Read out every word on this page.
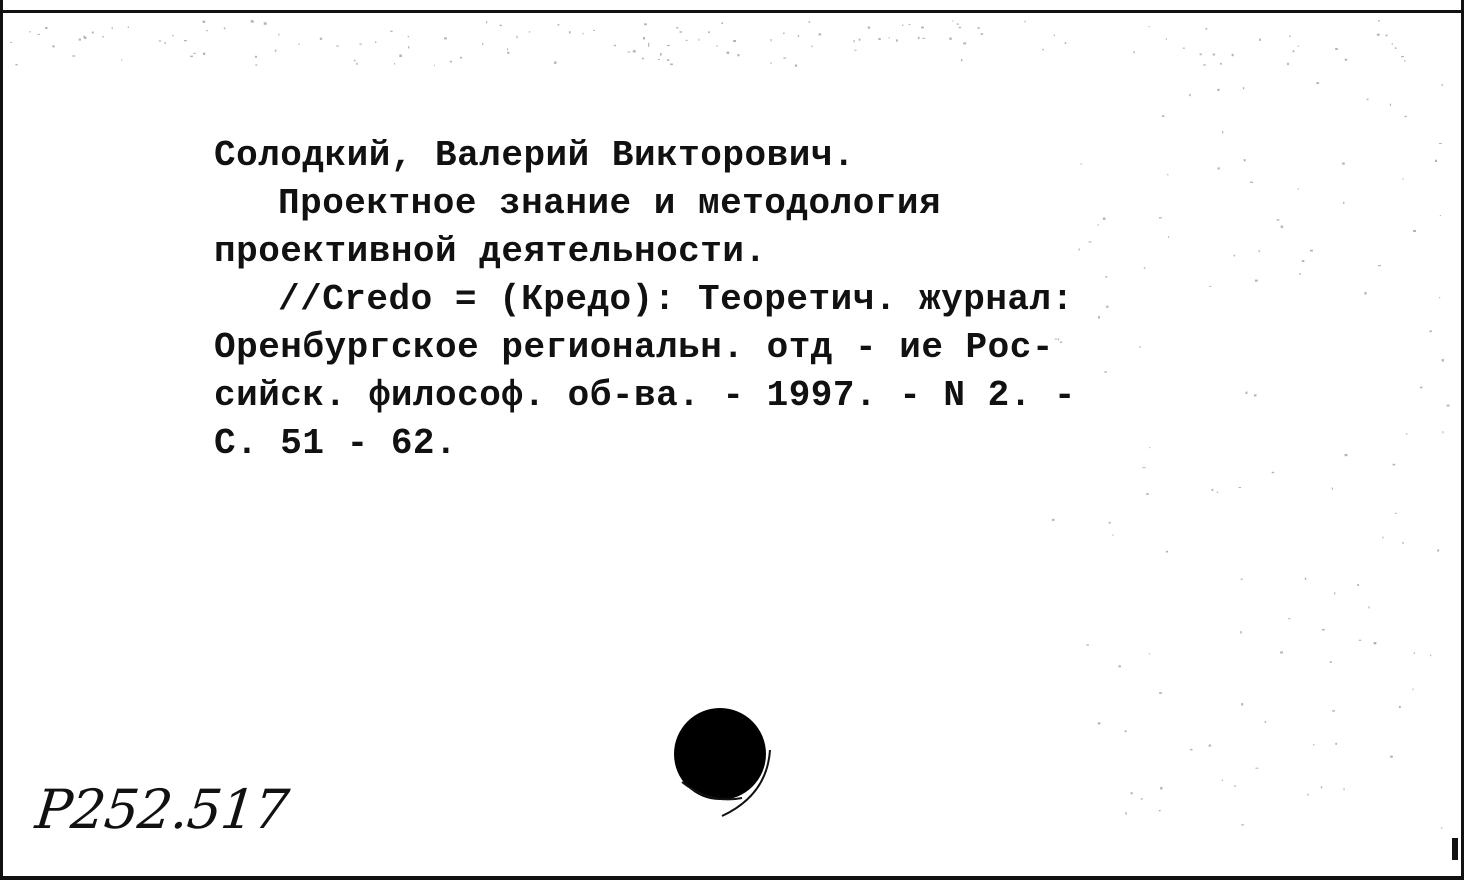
Солодкий, Валерий Викторович.
Проектное знание и методология
проективной деятельности.
//Credo = (Кредо): Теоретич. журнал:
Оренбургское региональн. отд - ие Рос-
сийск. философ. об-ва. - 1997. - N 2. -
С. 51 - 62.
P252.517
